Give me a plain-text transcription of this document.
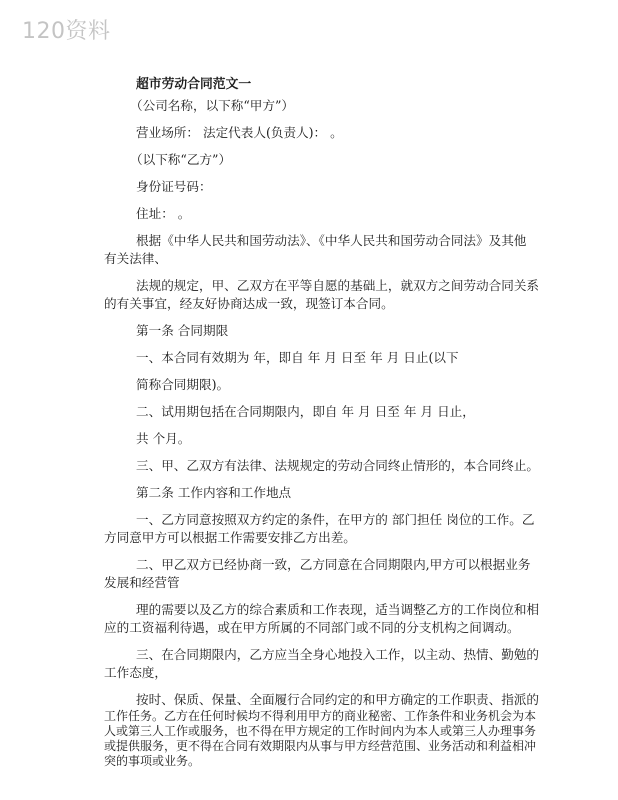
120资料

超市劳动合同范文一

（公司名称，以下称“甲方”）

营业场所： 法定代表人(负责人)： 。

（以下称“乙方”）

身份证号码：

住址： 。

根据《中华人民共和国劳动法》、《中华人民共和国劳动合同法》及其他

有关法律、

法规的规定，甲、乙双方在平等自愿的基础上，就双方之间劳动合同关系

的有关事宜，经友好协商达成一致，现签订本合同。

第一条 合同期限

一、本合同有效期为 年，即自 年 月 日至 年 月 日止(以下

简称合同期限)。

二、试用期包括在合同期限内，即自 年 月 日至 年 月 日止，

共 个月。

三、甲、乙双方有法律、法规规定的劳动合同终止情形的，本合同终止。

第二条 工作内容和工作地点

一、乙方同意按照双方约定的条件，在甲方的 部门担任 岗位的工作。乙

方同意甲方可以根据工作需要安排乙方出差。

二、甲乙双方已经协商一致，乙方同意在合同期限内,甲方可以根据业务

发展和经营管

理的需要以及乙方的综合素质和工作表现，适当调整乙方的工作岗位和相

应的工资福利待遇，或在甲方所属的不同部门或不同的分支机构之间调动。

三、在合同期限内，乙方应当全身心地投入工作，以主动、热情、勤勉的

工作态度，

按时、保质、保量、全面履行合同约定的和甲方确定的工作职责、指派的

工作任务。乙方在任何时候均不得利用甲方的商业秘密、工作条件和业务机会为本

人或第三人工作或服务，也不得在甲方规定的工作时间内为本人或第三人办理事务

或提供服务，更不得在合同有效期限内从事与甲方经营范围、业务活动和利益相冲

突的事项或业务。
